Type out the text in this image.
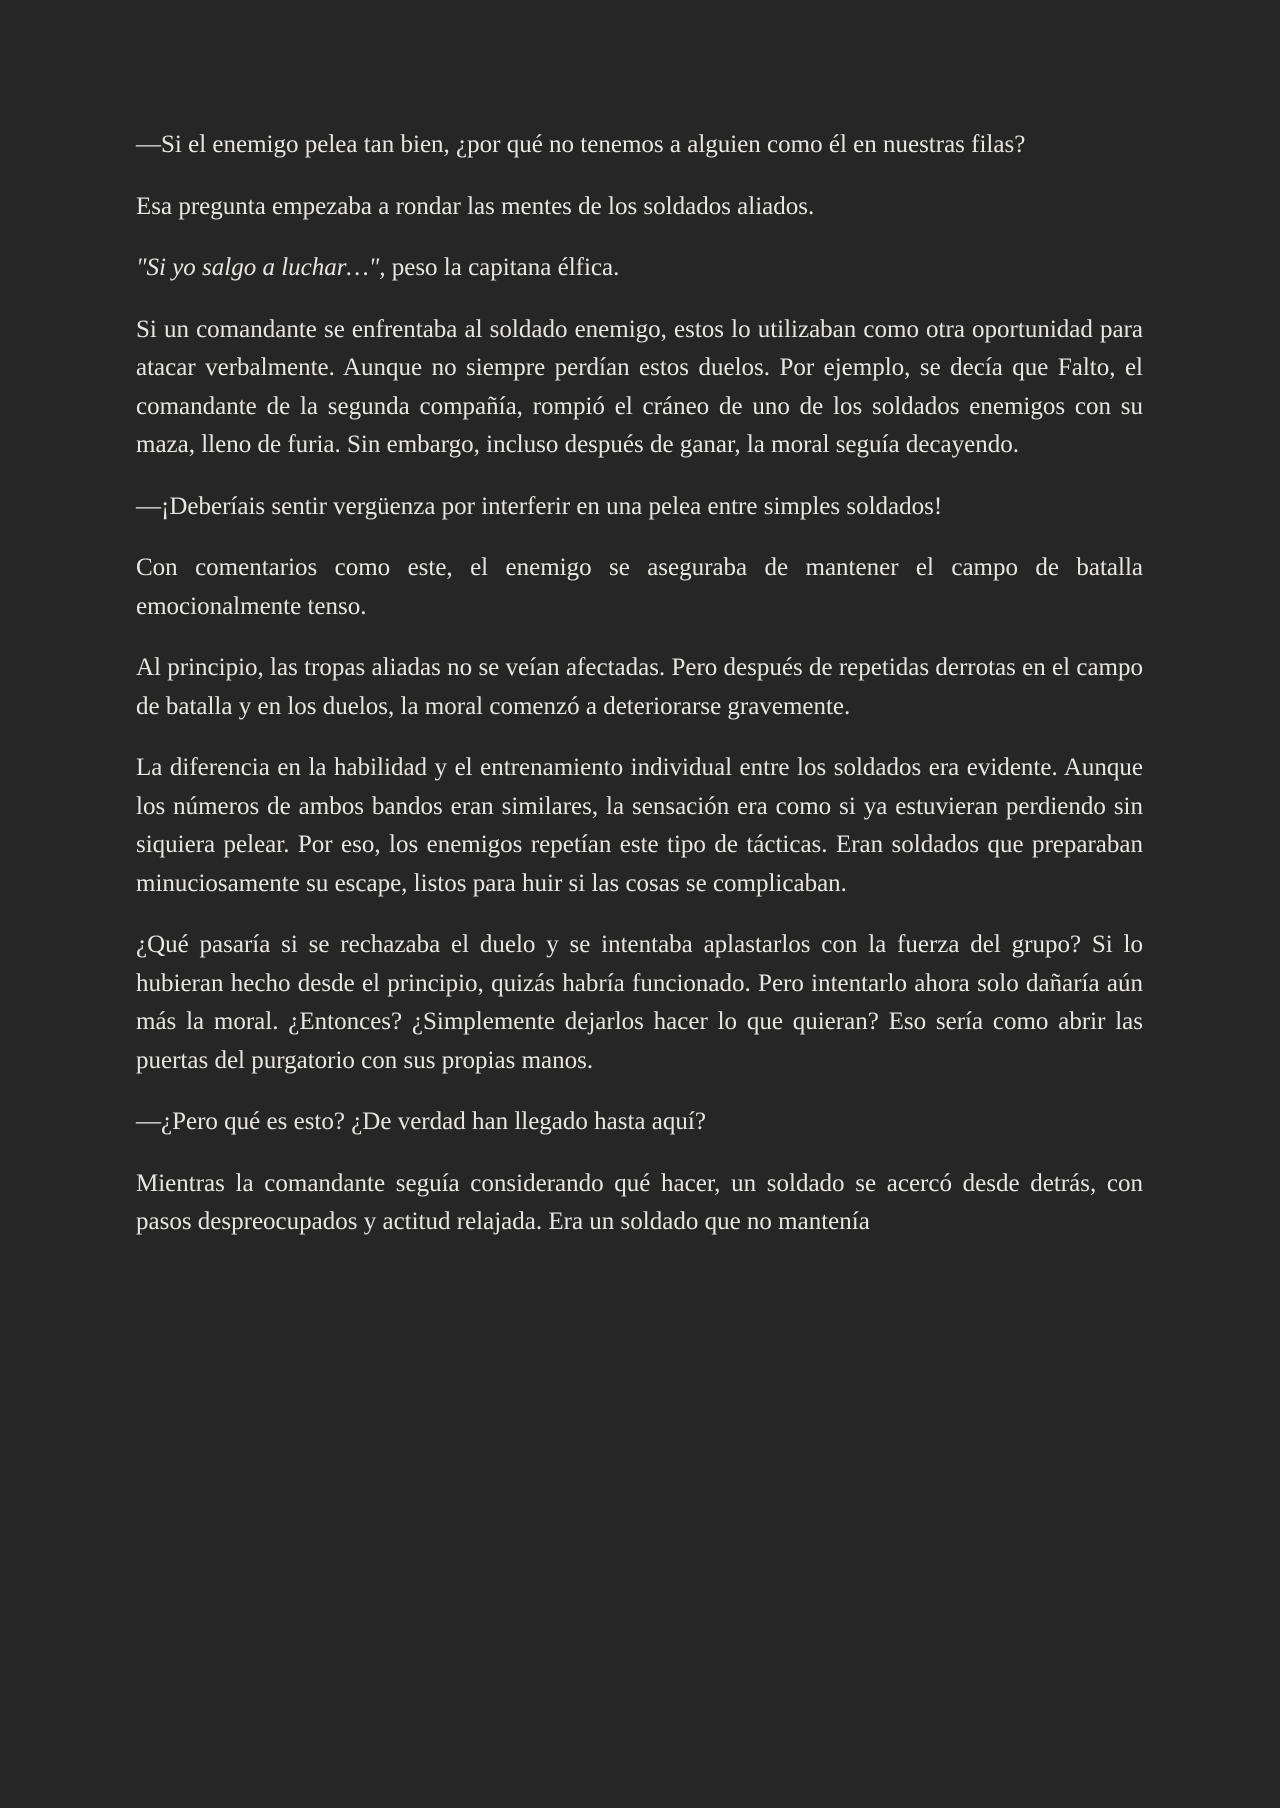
—Si el enemigo pelea tan bien, ¿por qué no tenemos a alguien como él en nuestras filas?

Esa pregunta empezaba a rondar las mentes de los soldados aliados.

"Si yo salgo a luchar…", peso la capitana élfica.

Si un comandante se enfrentaba al soldado enemigo, estos lo utilizaban como otra oportunidad para atacar verbalmente. Aunque no siempre perdían estos duelos. Por ejemplo, se decía que Falto, el comandante de la segunda compañía, rompió el cráneo de uno de los soldados enemigos con su maza, lleno de furia. Sin embargo, incluso después de ganar, la moral seguía decayendo.

—¡Deberíais sentir vergüenza por interferir en una pelea entre simples soldados!

Con comentarios como este, el enemigo se aseguraba de mantener el campo de batalla emocionalmente tenso.

Al principio, las tropas aliadas no se veían afectadas. Pero después de repetidas derrotas en el campo de batalla y en los duelos, la moral comenzó a deteriorarse gravemente.

La diferencia en la habilidad y el entrenamiento individual entre los soldados era evidente. Aunque los números de ambos bandos eran similares, la sensación era como si ya estuvieran perdiendo sin siquiera pelear. Por eso, los enemigos repetían este tipo de tácticas. Eran soldados que preparaban minuciosamente su escape, listos para huir si las cosas se complicaban.

¿Qué pasaría si se rechazaba el duelo y se intentaba aplastarlos con la fuerza del grupo? Si lo hubieran hecho desde el principio, quizás habría funcionado. Pero intentarlo ahora solo dañaría aún más la moral. ¿Entonces? ¿Simplemente dejarlos hacer lo que quieran? Eso sería como abrir las puertas del purgatorio con sus propias manos.

—¿Pero qué es esto? ¿De verdad han llegado hasta aquí?

Mientras la comandante seguía considerando qué hacer, un soldado se acercó desde detrás, con pasos despreocupados y actitud relajada. Era un soldado que no mantenía
